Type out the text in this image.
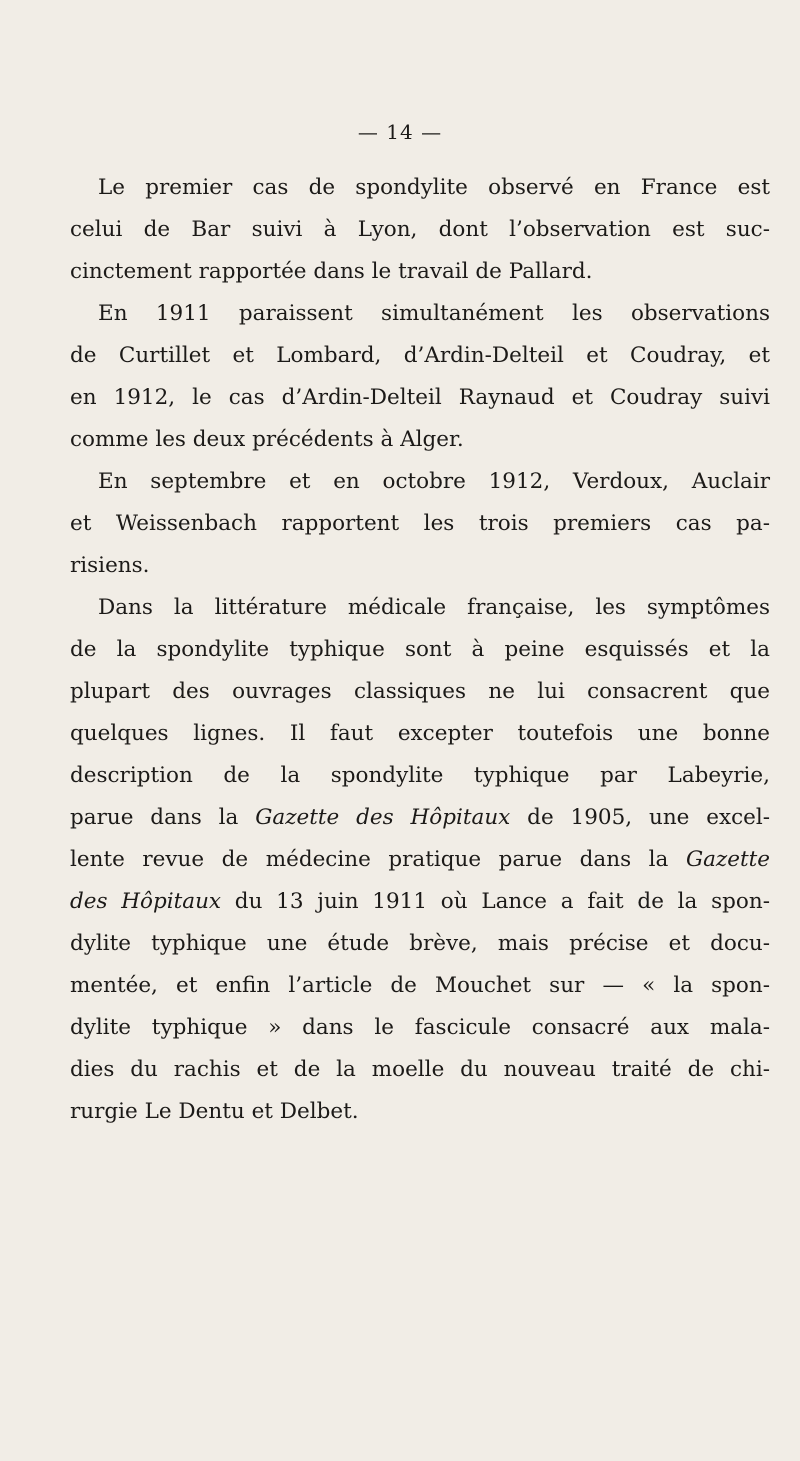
— 14 —
Le premier cas de spondylite observé en France est
celui de Bar suivi à Lyon, dont l’observation est suc-
cinctement rapportée dans le travail de Pallard.
En 1911 paraissent simultanément les observations
de Curtillet et Lombard, d’Ardin-Delteil et Coudray, et
en 1912, le cas d’Ardin-Delteil Raynaud et Coudray suivi
comme les deux précédents à Alger.
En septembre et en octobre 1912, Verdoux, Auclair
et Weissenbach rapportent les trois premiers cas pa-
risiens.
Dans la littérature médicale française, les symptômes
de la spondylite typhique sont à peine esquissés et la
plupart des ouvrages classiques ne lui consacrent que
quelques lignes. Il faut excepter toutefois une bonne
description de la spondylite typhique par Labeyrie,
parue dans la Gazette des Hôpitaux de 1905, une excel-
lente revue de médecine pratique parue dans la Gazette
des Hôpitaux du 13 juin 1911 où Lance a fait de la spon-
dylite typhique une étude brève, mais précise et docu-
mentée, et enfin l’article de Mouchet sur — « la spon-
dylite typhique » dans le fascicule consacré aux mala-
dies du rachis et de la moelle du nouveau traité de chi-
rurgie Le Dentu et Delbet.
